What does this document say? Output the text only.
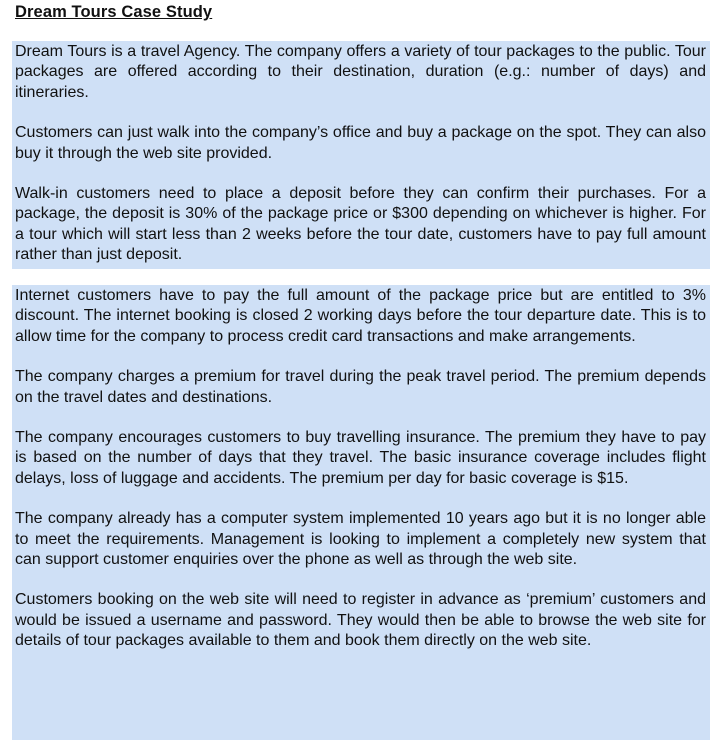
Dream Tours Case Study

Dream Tours is a travel Agency. The company offers a variety of tour packages to the public. Tour packages are offered according to their destination, duration (e.g.: number of days) and itineraries.

Customers can just walk into the company’s office and buy a package on the spot. They can also buy it through the web site provided.

Walk-in customers need to place a deposit before they can confirm their purchases. For a package, the deposit is 30% of the package price or $300 depending on whichever is higher. For a tour which will start less than 2 weeks before the tour date, customers have to pay full amount rather than just deposit.

Internet customers have to pay the full amount of the package price but are entitled to 3% discount. The internet booking is closed 2 working days before the tour departure date. This is to allow time for the company to process credit card transactions and make arrangements.

The company charges a premium for travel during the peak travel period. The premium depends on the travel dates and destinations.

The company encourages customers to buy travelling insurance. The premium they have to pay is based on the number of days that they travel. The basic insurance coverage includes flight delays, loss of luggage and accidents. The premium per day for basic coverage is $15.

The company already has a computer system implemented 10 years ago but it is no longer able to meet the requirements. Management is looking to implement a completely new system that can support customer enquiries over the phone as well as through the web site.

Customers booking on the web site will need to register in advance as ‘premium’ customers and would be issued a username and password. They would then be able to browse the web site for details of tour packages available to them and book them directly on the web site.
